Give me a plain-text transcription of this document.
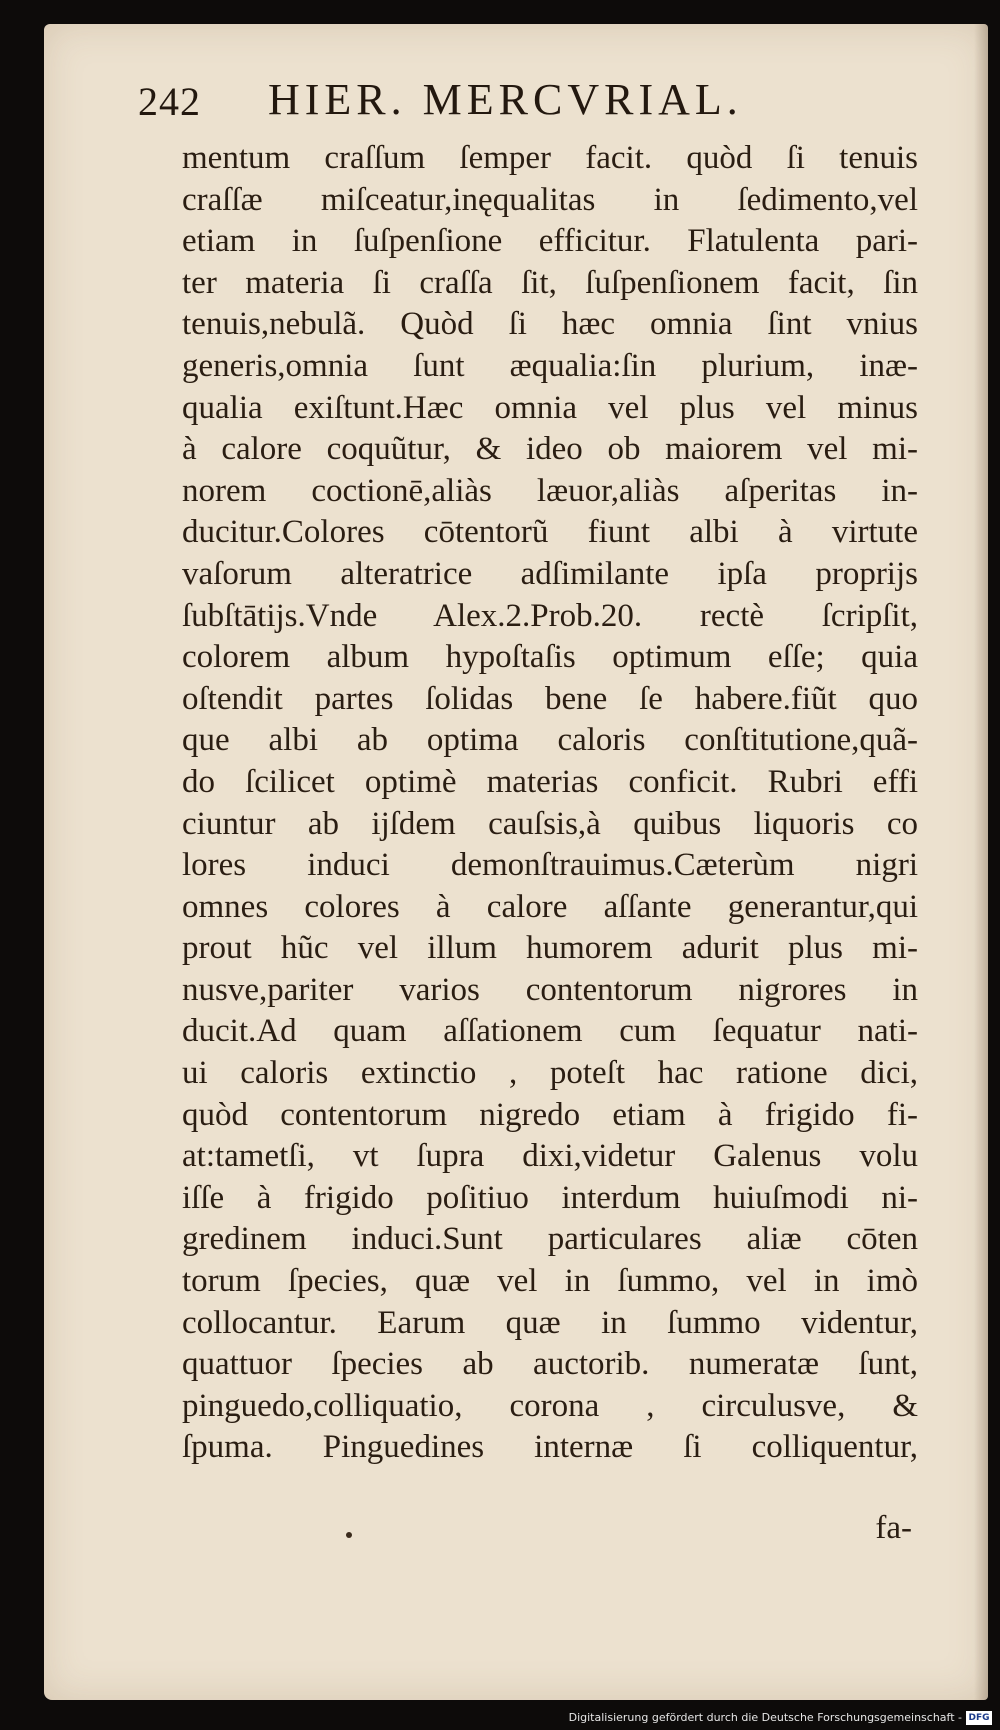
242 HIER. MERCVRIAL.
mentum craſſum ſemper facit. quòd ſi tenuis
craſſæ miſceatur,inęqualitas in ſedimento,vel
etiam in ſuſpenſione efficitur. Flatulenta pari-
ter materia ſi craſſa ſit, ſuſpenſionem facit, ſin
tenuis,nebulã. Quòd ſi hæc omnia ſint vnius
generis,omnia ſunt æqualia:ſin plurium, inæ-
qualia exiſtunt.Hæc omnia vel plus vel minus
à calore coquũtur, & ideo ob maiorem vel mi-
norem coctionē,aliàs læuor,aliàs aſperitas in-
ducitur.Colores cōtentorũ fiunt albi à virtute
vaſorum alteratrice adſimilante ipſa proprijs
ſubſtātijs.Vnde Alex.2.Prob.20. rectè ſcripſit,
colorem album hypoſtaſis optimum eſſe; quia
oſtendit partes ſolidas bene ſe habere.fiũt quo
que albi ab optima caloris conſtitutione,quã-
do ſcilicet optimè materias conficit. Rubri effi
ciuntur ab ijſdem cauſsis,à quibus liquoris co
lores induci demonſtrauimus.Cæterùm nigri
omnes colores à calore aſſante generantur,qui
prout hũc vel illum humorem adurit plus mi-
nusve,pariter varios contentorum nigrores in
ducit.Ad quam aſſationem cum ſequatur nati-
ui caloris extinctio , poteſt hac ratione dici,
quòd contentorum nigredo etiam à frigido fi-
at:tametſi, vt ſupra dixi,videtur Galenus volu
iſſe à frigido poſitiuo interdum huiuſmodi ni-
gredinem induci.Sunt particulares aliæ cōten
torum ſpecies, quæ vel in ſummo, vel in imò
collocantur. Earum quæ in ſummo videntur,
quattuor ſpecies ab auctorib. numeratæ ſunt,
pinguedo,colliquatio, corona , circulusve, &
ſpuma. Pinguedines internæ ſi colliquentur,
fa-
Digitalisierung gefördert durch die Deutsche Forschungsgemeinschaft - DFG
